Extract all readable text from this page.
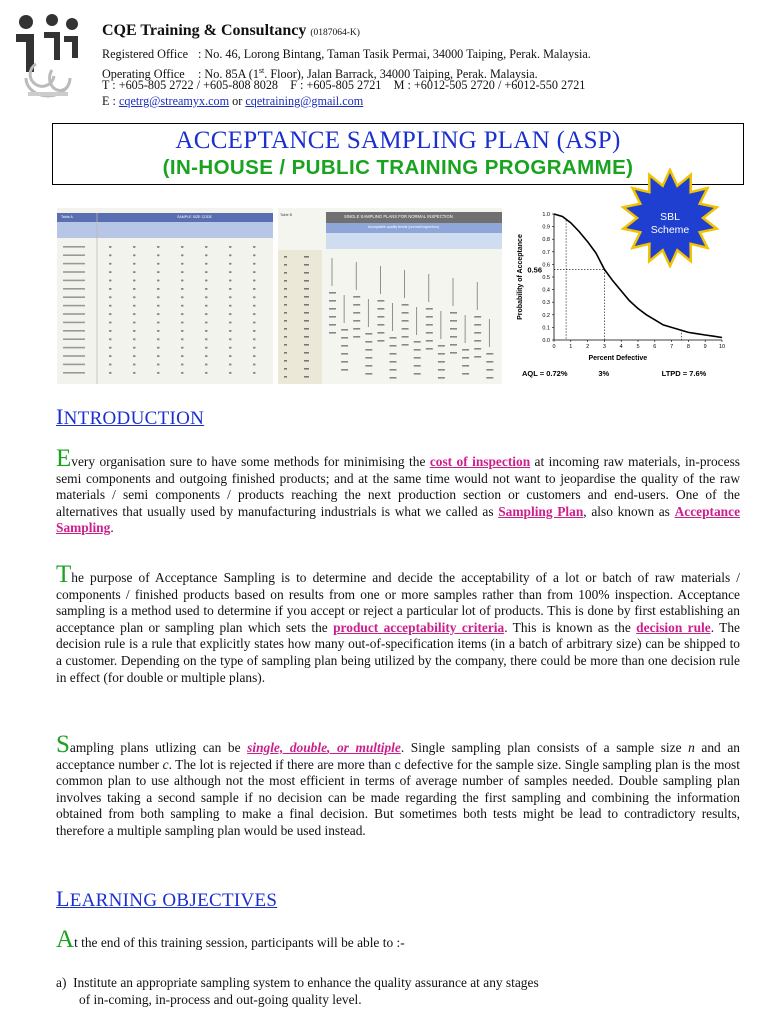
CQE Training & Consultancy (0187064-K)
Registered Office : No. 46, Lorong Bintang, Taman Tasik Permai, 34000 Taiping, Perak. Malaysia.
Operating Office : No. 85A (1st. Floor), Jalan Barrack, 34000 Taiping, Perak. Malaysia.
T : +605-805 2722 / +605-808 8028    F : +605-805 2721    M : +6012-505 2720 / +6012-550 2721
E : cqetrg@streamyx.com or cqetraining@gmail.com
ACCEPTANCE SAMPLING PLAN (ASP)
(IN-HOUSE / PUBLIC TRAINING PROGRAMME)
Table A	SAMPLE SIZE CODE	Table B	SINGLE SAMPLING PLANS FOR NORMAL INSPECTION
Acceptable quality levels (normal inspection)
0.0
0.1
0.2
0.3
0.4
0.5
0.6
0.7
0.8
0.9
1.0
0 1 2 3 4 5 6 7 8 9 10
0.56
Percent Defective
Probability of Acceptance
AQL = 0.72%	3%	LTPD = 7.6%
SBL
Scheme
INTRODUCTION
Every organisation sure to have some methods for minimising the cost of inspection at incoming raw materials, in-process semi components and outgoing finished products; and at the same time would not want to jeopardise the quality of the raw materials / semi components / products reaching the next production section or customers and end-users. One of the alternatives that usually used by manufacturing industrials is what we called as Sampling Plan, also known as Acceptance Sampling.
The purpose of Acceptance Sampling is to determine and decide the acceptability of a lot or batch of raw materials / components / finished products based on results from one or more samples rather than from 100% inspection. Acceptance sampling is a method used to determine if you accept or reject a particular lot of products. This is done by first establishing an acceptance plan or sampling plan which sets the product acceptability criteria. This is known as the decision rule. The decision rule is a rule that explicitly states how many out-of-specification items (in a batch of arbitrary size) can be shipped to a customer. Depending on the type of sampling plan being utilized by the company, there could be more than one decision rule in effect (for double or multiple plans).
Sampling plans utlizing can be single, double, or multiple. Single sampling plan consists of a sample size n and an acceptance number c. The lot is rejected if there are more than c defective for the sample size. Single sampling plan is the most common plan to use although not the most efficient in terms of average number of samples needed. Double sampling plan involves taking a second sample if no decision can be made regarding the first sampling and combining the information obtained from both sampling to make a final decision. But sometimes both tests might be lead to contradictory results, therefore a multiple sampling plan would be used instead.
LEARNING OBJECTIVES
At the end of this training session, participants will be able to :-
a)  Institute an appropriate sampling system to enhance the quality assurance at any stages
of in-coming, in-process and out-going quality level.
